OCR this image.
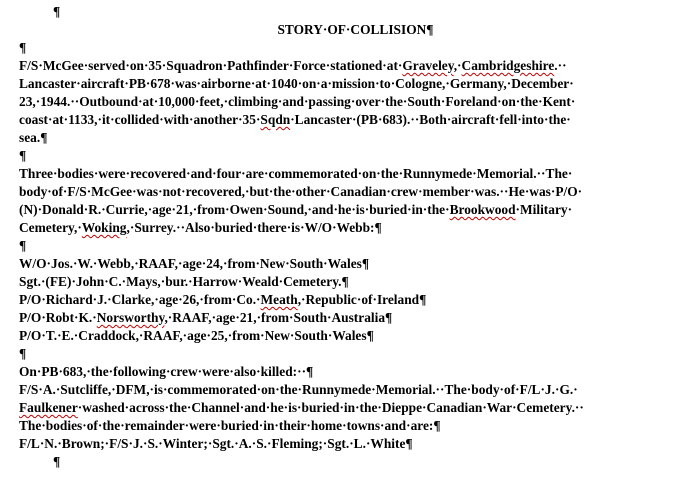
¶
STORY·OF·COLLISION¶
¶
F/S·McGee·served·on·35·Squadron·Pathfinder·Force·stationed·at·Graveley,·Cambridgeshire.··
Lancaster·aircraft·PB·678·was·airborne·at·1040·on·a·mission·to·Cologne,·Germany,·December·
23,·1944.··Outbound·at·10,000·feet,·climbing·and·passing·over·the·South·Foreland·on·the·Kent·
coast·at·1133,·it·collided·with·another·35·Sqdn·Lancaster·(PB·683).··Both·aircraft·fell·into·the·
sea.¶
¶
Three·bodies·were·recovered·and·four·are·commemorated·on·the·Runnymede·Memorial.··The·
body·of·F/S·McGee·was·not·recovered,·but·the·other·Canadian·crew·member·was.··He·was·P/O·
(N)·Donald·R.·Currie,·age·21,·from·Owen·Sound,·and·he·is·buried·in·the·Brookwood·Military·
Cemetery,·Woking,·Surrey.··Also·buried·there·is·W/O·Webb:¶
¶
W/O·Jos.·W.·Webb,·RAAF,·age·24,·from·New·South·Wales¶
Sgt.·(FE)·John·C.·Mays,·bur.·Harrow·Weald·Cemetery.¶
P/O·Richard·J.·Clarke,·age·26,·from·Co.·Meath,·Republic·of·Ireland¶
P/O·Robt·K.·Norsworthy,·RAAF,·age·21,·from·South·Australia¶
P/O·T.·E.·Craddock,·RAAF,·age·25,·from·New·South·Wales¶
¶
On·PB·683,·the·following·crew·were·also·killed:··¶
F/S·A.·Sutcliffe,·DFM,·is·commemorated·on·the·Runnymede·Memorial.··The·body·of·F/L·J.·G.·
Faulkener·washed·across·the·Channel·and·he·is·buried·in·the·Dieppe·Canadian·War·Cemetery.··
The·bodies·of·the·remainder·were·buried·in·their·home·towns·and·are:¶
F/L·N.·Brown;·F/S·J.·S.·Winter;·Sgt.·A.·S.·Fleming;·Sgt.·L.·White¶
¶
